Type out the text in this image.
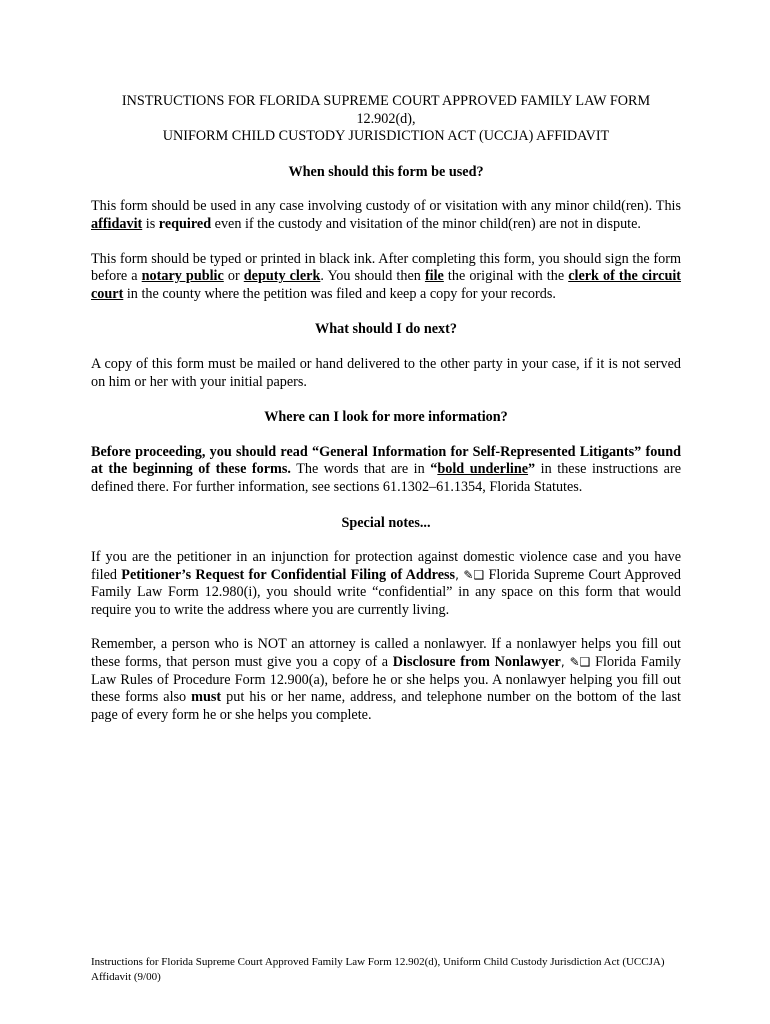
INSTRUCTIONS FOR FLORIDA SUPREME COURT APPROVED FAMILY LAW FORM
12.902(d),
UNIFORM CHILD CUSTODY JURISDICTION ACT (UCCJA) AFFIDAVIT
When should this form be used?

This form should be used in any case involving custody of or visitation with any minor child(ren). This affidavit is required even if the custody and visitation of the minor child(ren) are not in dispute.

This form should be typed or printed in black ink. After completing this form, you should sign the form before a notary public or deputy clerk. You should then file the original with the clerk of the circuit court in the county where the petition was filed and keep a copy for your records.

What should I do next?

A copy of this form must be mailed or hand delivered to the other party in your case, if it is not served on him or her with your initial papers.

Where can I look for more information?

Before proceeding, you should read “General Information for Self-Represented Litigants” found at the beginning of these forms. The words that are in “bold underline” in these instructions are defined there. For further information, see sections 61.1302–61.1354, Florida Statutes.

Special notes...

If you are the petitioner in an injunction for protection against domestic violence case and you have filed Petitioner’s Request for Confidential Filing of Address, ✎❑ Florida Supreme Court Approved Family Law Form 12.980(i), you should write “confidential” in any space on this form that would require you to write the address where you are currently living.

Remember, a person who is NOT an attorney is called a nonlawyer. If a nonlawyer helps you fill out these forms, that person must give you a copy of a Disclosure from Nonlawyer, ✎❑ Florida Family Law Rules of Procedure Form 12.900(a), before he or she helps you. A nonlawyer helping you fill out these forms also must put his or her name, address, and telephone number on the bottom of the last page of every form he or she helps you complete.

Instructions for Florida Supreme Court Approved Family Law Form 12.902(d), Uniform Child Custody Jurisdiction Act (UCCJA)
Affidavit (9/00)
